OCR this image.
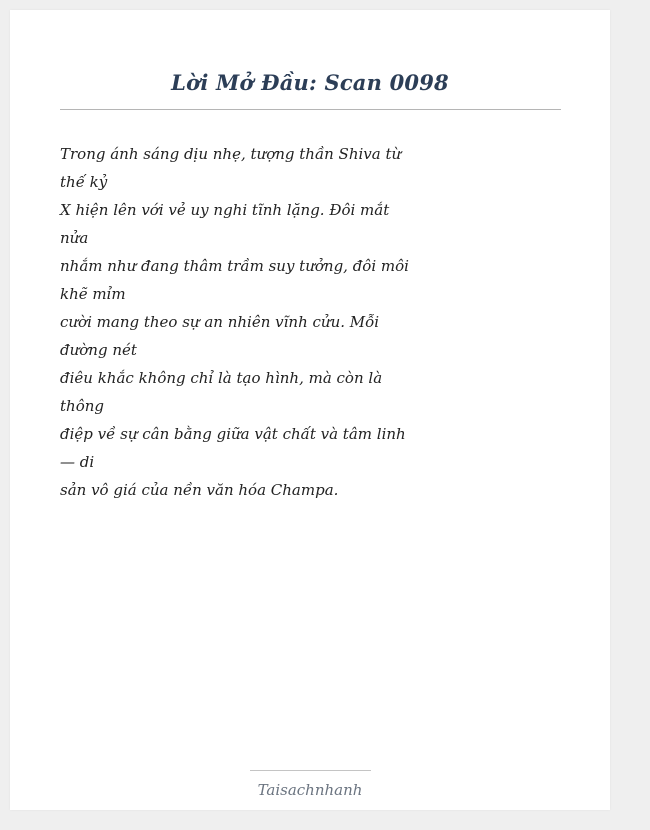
Lời Mở Đầu: Scan 0098
Trong ánh sáng dịu nhẹ, tượng thần Shiva từ
thế kỷ
X hiện lên với vẻ uy nghi tĩnh lặng. Đôi mắt
nửa
nhắm như đang thâm trầm suy tưởng, đôi môi
khẽ mỉm
cười mang theo sự an nhiên vĩnh cửu. Mỗi
đường nét
điêu khắc không chỉ là tạo hình, mà còn là
thông
điệp về sự cân bằng giữa vật chất và tâm linh
— di
sản vô giá của nền văn hóa Champa.
Taisachnhanh
